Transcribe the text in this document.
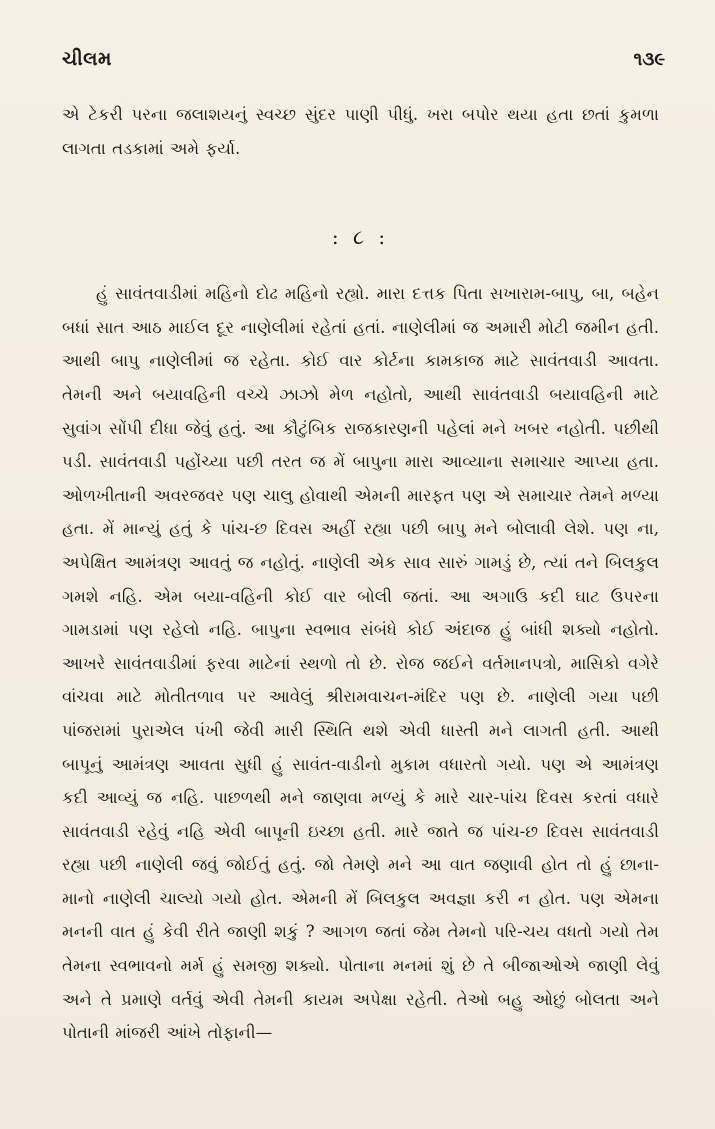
ચીલમ	૧૩૯

એ ટેકરી પરના જલાશયનું સ્વચ્છ સુંદર પાણી પીધું. ખરા બપોર થયા હતા છતાં કુમળા લાગતા તડકામાં અમે ફર્યા.

: ૮ :

હું સાવંતવાડીમાં મહિનો દોઢ મહિનો રહ્યો. મારા દત્તક પિતા સખારામ-બાપુ, બા, બહેન બધાં સાત આઠ માઈલ દૂર નાણેલીમાં રહેતાં હતાં. નાણેલીમાં જ અમારી મોટી જમીન હતી. આથી બાપુ નાણેલીમાં જ રહેતા. કોઈ વાર કોર્ટના કામકાજ માટે સાવંતવાડી આવતા. તેમની અને બયાવહિની વચ્ચે ઝાઝો મેળ નહોતો, આથી સાવંતવાડી બયાવહિની માટે સુવાંગ સોંપી દીધા જેવું હતું. આ કૌટુંબિક રાજકારણની પહેલાં મને ખબર નહોતી. પછીથી પડી. સાવંતવાડી પહોંચ્યા પછી તરત જ મેં બાપુના મારા આવ્યાના સમાચાર આપ્યા હતા. ઓળખીતાની અવરજવર પણ ચાલુ હોવાથી એમની મારફત પણ એ સમાચાર તેમને મળ્યા હતા. મેં માન્યું હતું કે પાંચ-છ દિવસ અહીં રહ્યા પછી બાપુ મને બોલાવી લેશે. પણ ના, અપેક્ષિત આમંત્રણ આવતું જ નહોતું. નાણેલી એક સાવ સારું ગામડું છે, ત્યાં તને બિલકુલ ગમશે નહિ. એમ બયા-વહિની કોઈ વાર બોલી જતાં. આ અગાઉ કદી ઘાટ ઉપરના ગામડામાં પણ રહેલો નહિ. બાપુના સ્વભાવ સંબંધે કોઈ અંદાજ હું બાંધી શક્યો નહોતો. આખરે સાવંતવાડીમાં ફરવા માટેનાં સ્થળો તો છે. રોજ જઈને વર્તમાનપત્રો, માસિકો વગેરે વાંચવા માટે મોતીતળાવ પર આવેલું શ્રીરામવાચન-મંદિર પણ છે. નાણેલી ગયા પછી પાંજરામાં પુરાએલ પંખી જેવી મારી સ્થિતિ થશે એવી ધાસ્તી મને લાગતી હતી. આથી બાપૂનું આમંત્રણ આવતા સુધી હું સાવંત-વાડીનો મુકામ વધારતો ગયો. પણ એ આમંત્રણ કદી આવ્યું જ નહિ. પાછળથી મને જાણવા મળ્યું કે મારે ચાર-પાંચ દિવસ કરતાં વધારે સાવંતવાડી રહેવું નહિ એવી બાપૂની ઇચ્છા હતી. મારે જાતે જ પાંચ-છ દિવસ સાવંતવાડી રહ્યા પછી નાણેલી જવું જોઈતું હતું. જો તેમણે મને આ વાત જણાવી હોત તો હું છાના-માનો નાણેલી ચાલ્યો ગયો હોત. એમની મેં બિલકુલ અવજ્ઞા કરી ન હોત. પણ એમના મનની વાત હું કેવી રીતે જાણી શકું ? આગળ જતાં જેમ તેમનો પરિ-ચય વધતો ગયો તેમ તેમના સ્વભાવનો મર્મ હું સમજી શક્યો. પોતાના મનમાં શું છે તે બીજાઓએ જાણી લેવું અને તે પ્રમાણે વર્તવું એવી તેમની કાયમ અપેક્ષા રહેતી. તેઓ બહુ ઓછું બોલતા અને પોતાની માંજરી આંખે તોફાની—
